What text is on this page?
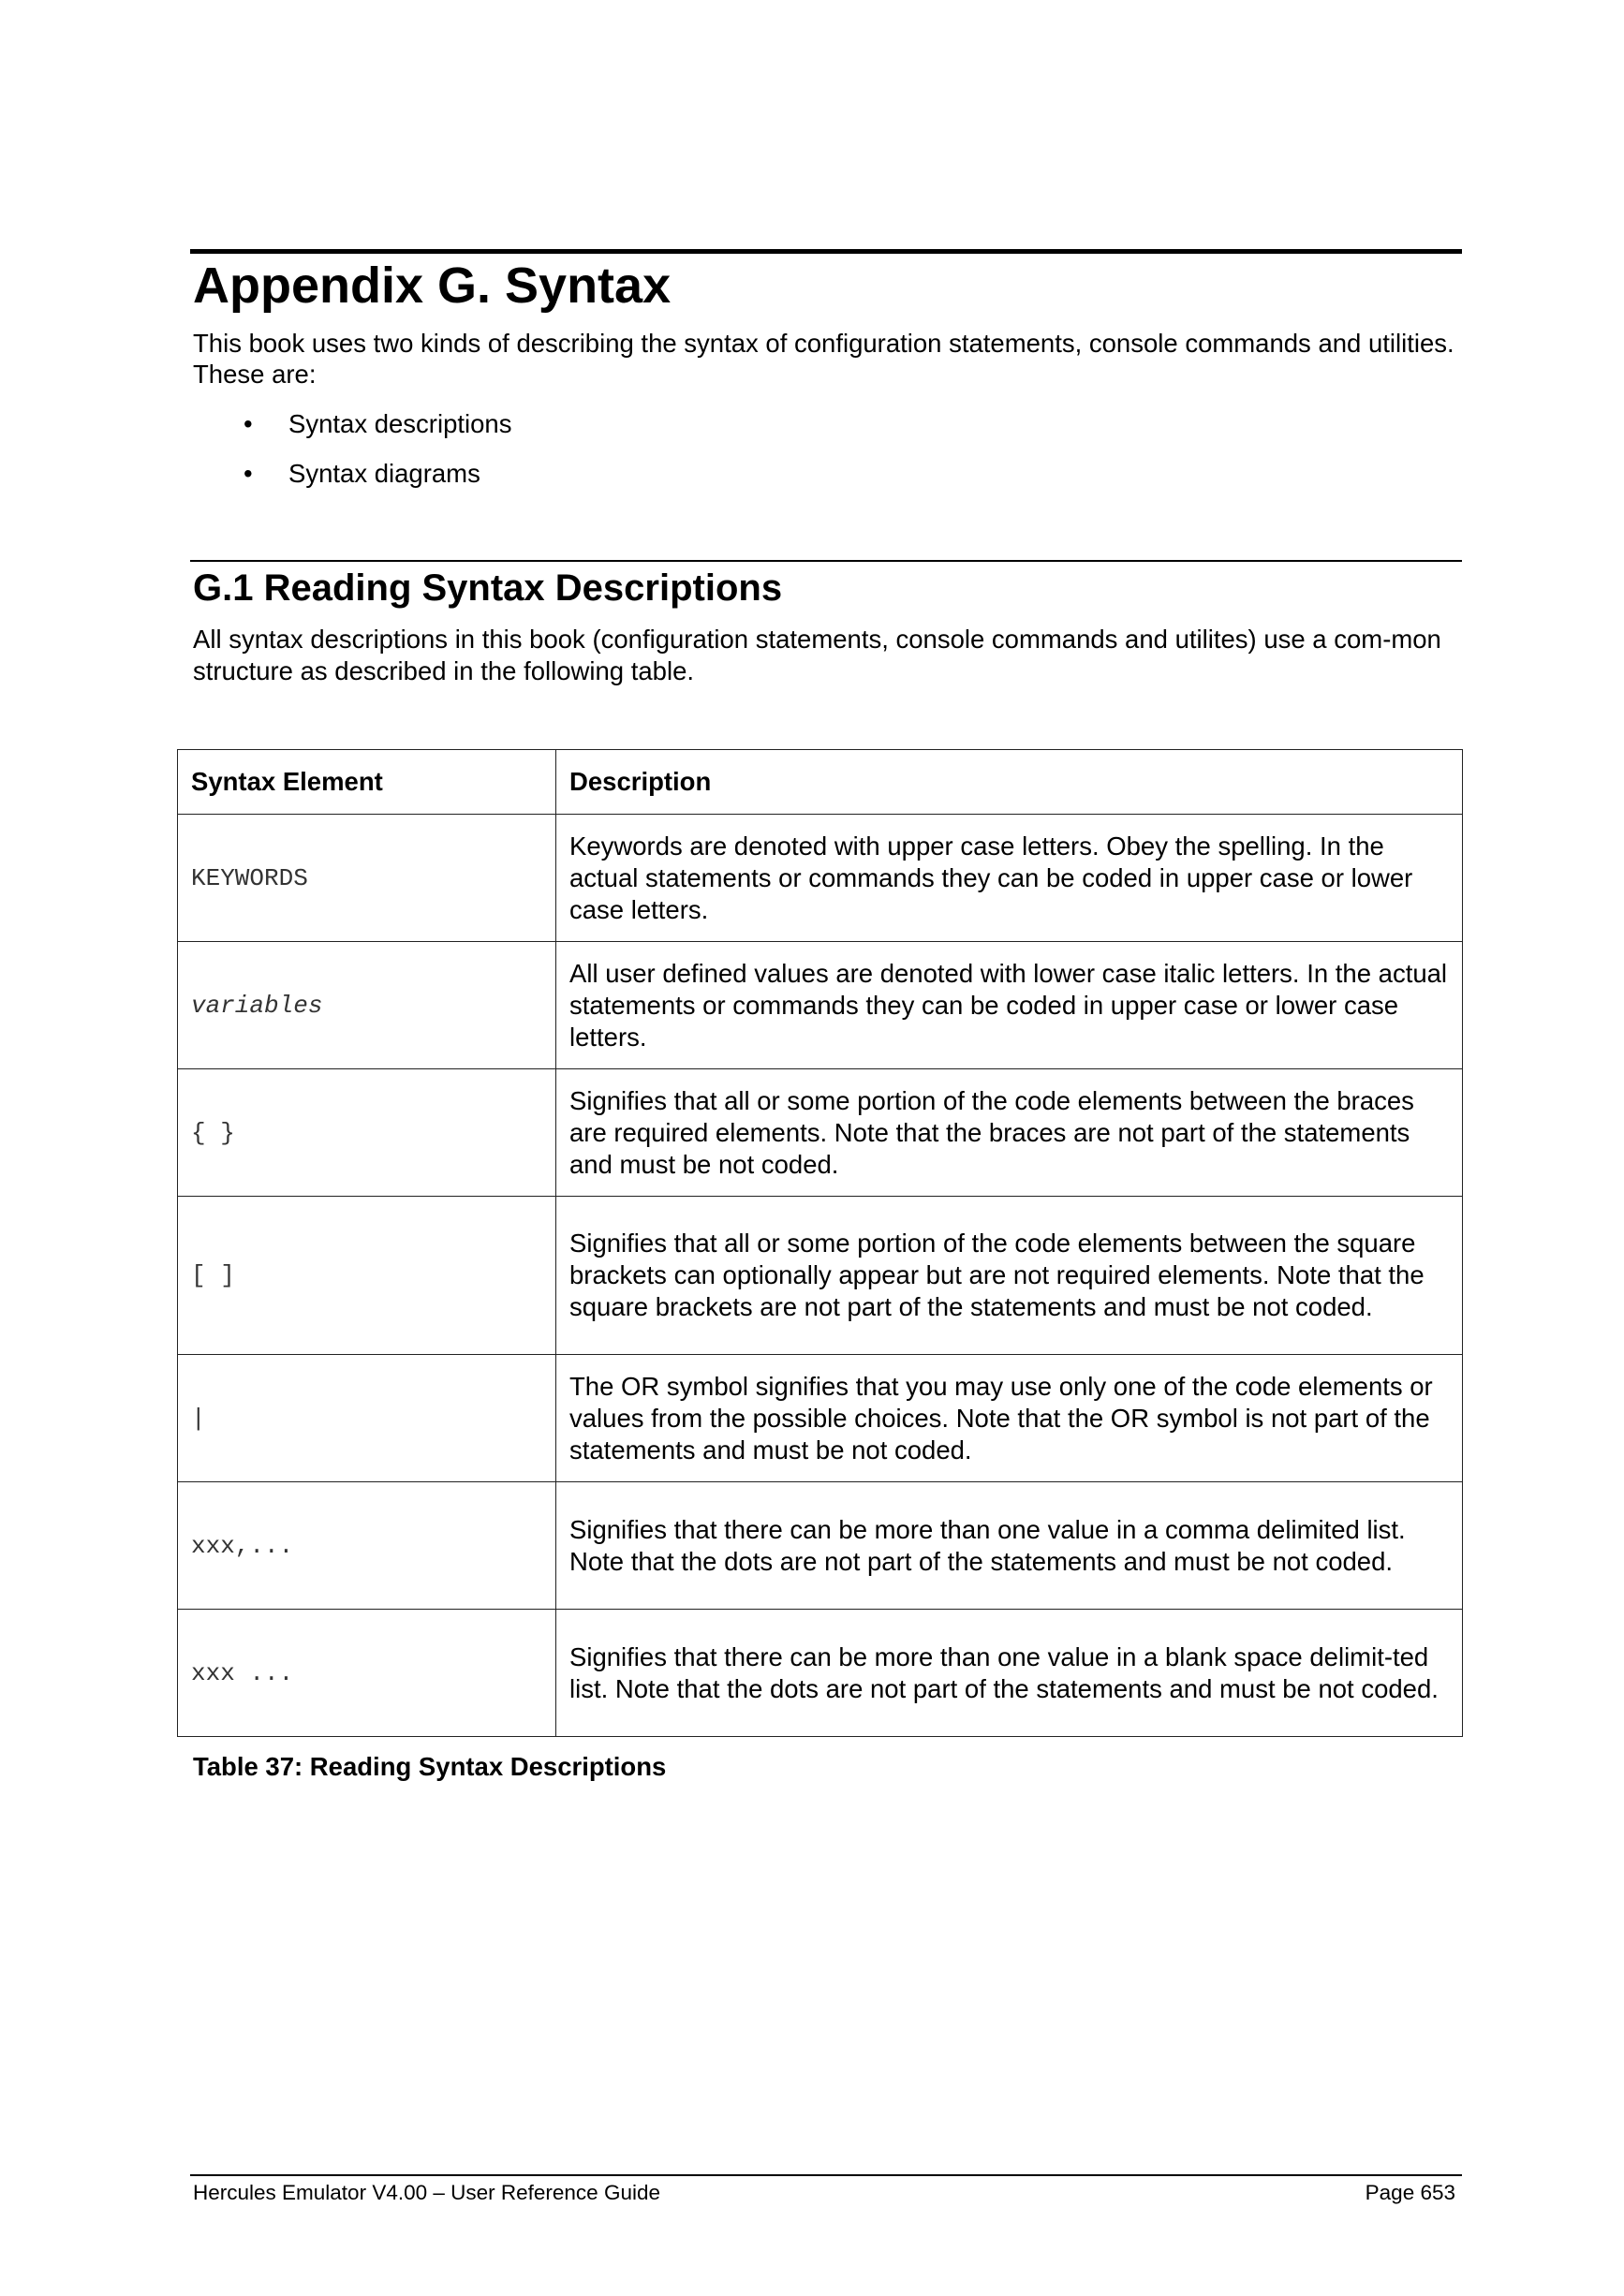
Appendix G. Syntax

This book uses two kinds of describing the syntax of configuration statements, console commands and utilities. These are:

• Syntax descriptions
• Syntax diagrams
G.1 Reading Syntax Descriptions

All syntax descriptions in this book (configuration statements, console commands and utilites) use a com-mon structure as described in the following table.

Syntax Element	Description
KEYWORDS	Keywords are denoted with upper case letters. Obey the spelling. In the actual statements or commands they can be coded in upper case or lower case letters.
variables	All user defined values are denoted with lower case italic letters. In the actual statements or commands they can be coded in upper case or lower case letters.
{ }	Signifies that all or some portion of the code elements between the braces are required elements. Note that the braces are not part of the statements and must be not coded.
[ ]	Signifies that all or some portion of the code elements between the square brackets can optionally appear but are not required elements. Note that the square brackets are not part of the statements and must be not coded.
|	The OR symbol signifies that you may use only one of the code elements or values from the possible choices. Note that the OR symbol is not part of the statements and must be not coded.
xxx,...	Signifies that there can be more than one value in a comma delimited list. Note that the dots are not part of the statements and must be not coded.
xxx ...	Signifies that there can be more than one value in a blank space delimit-ted list. Note that the dots are not part of the statements and must be not coded.

Table 37: Reading Syntax Descriptions

Hercules Emulator V4.00 – User Reference Guide	Page 653
